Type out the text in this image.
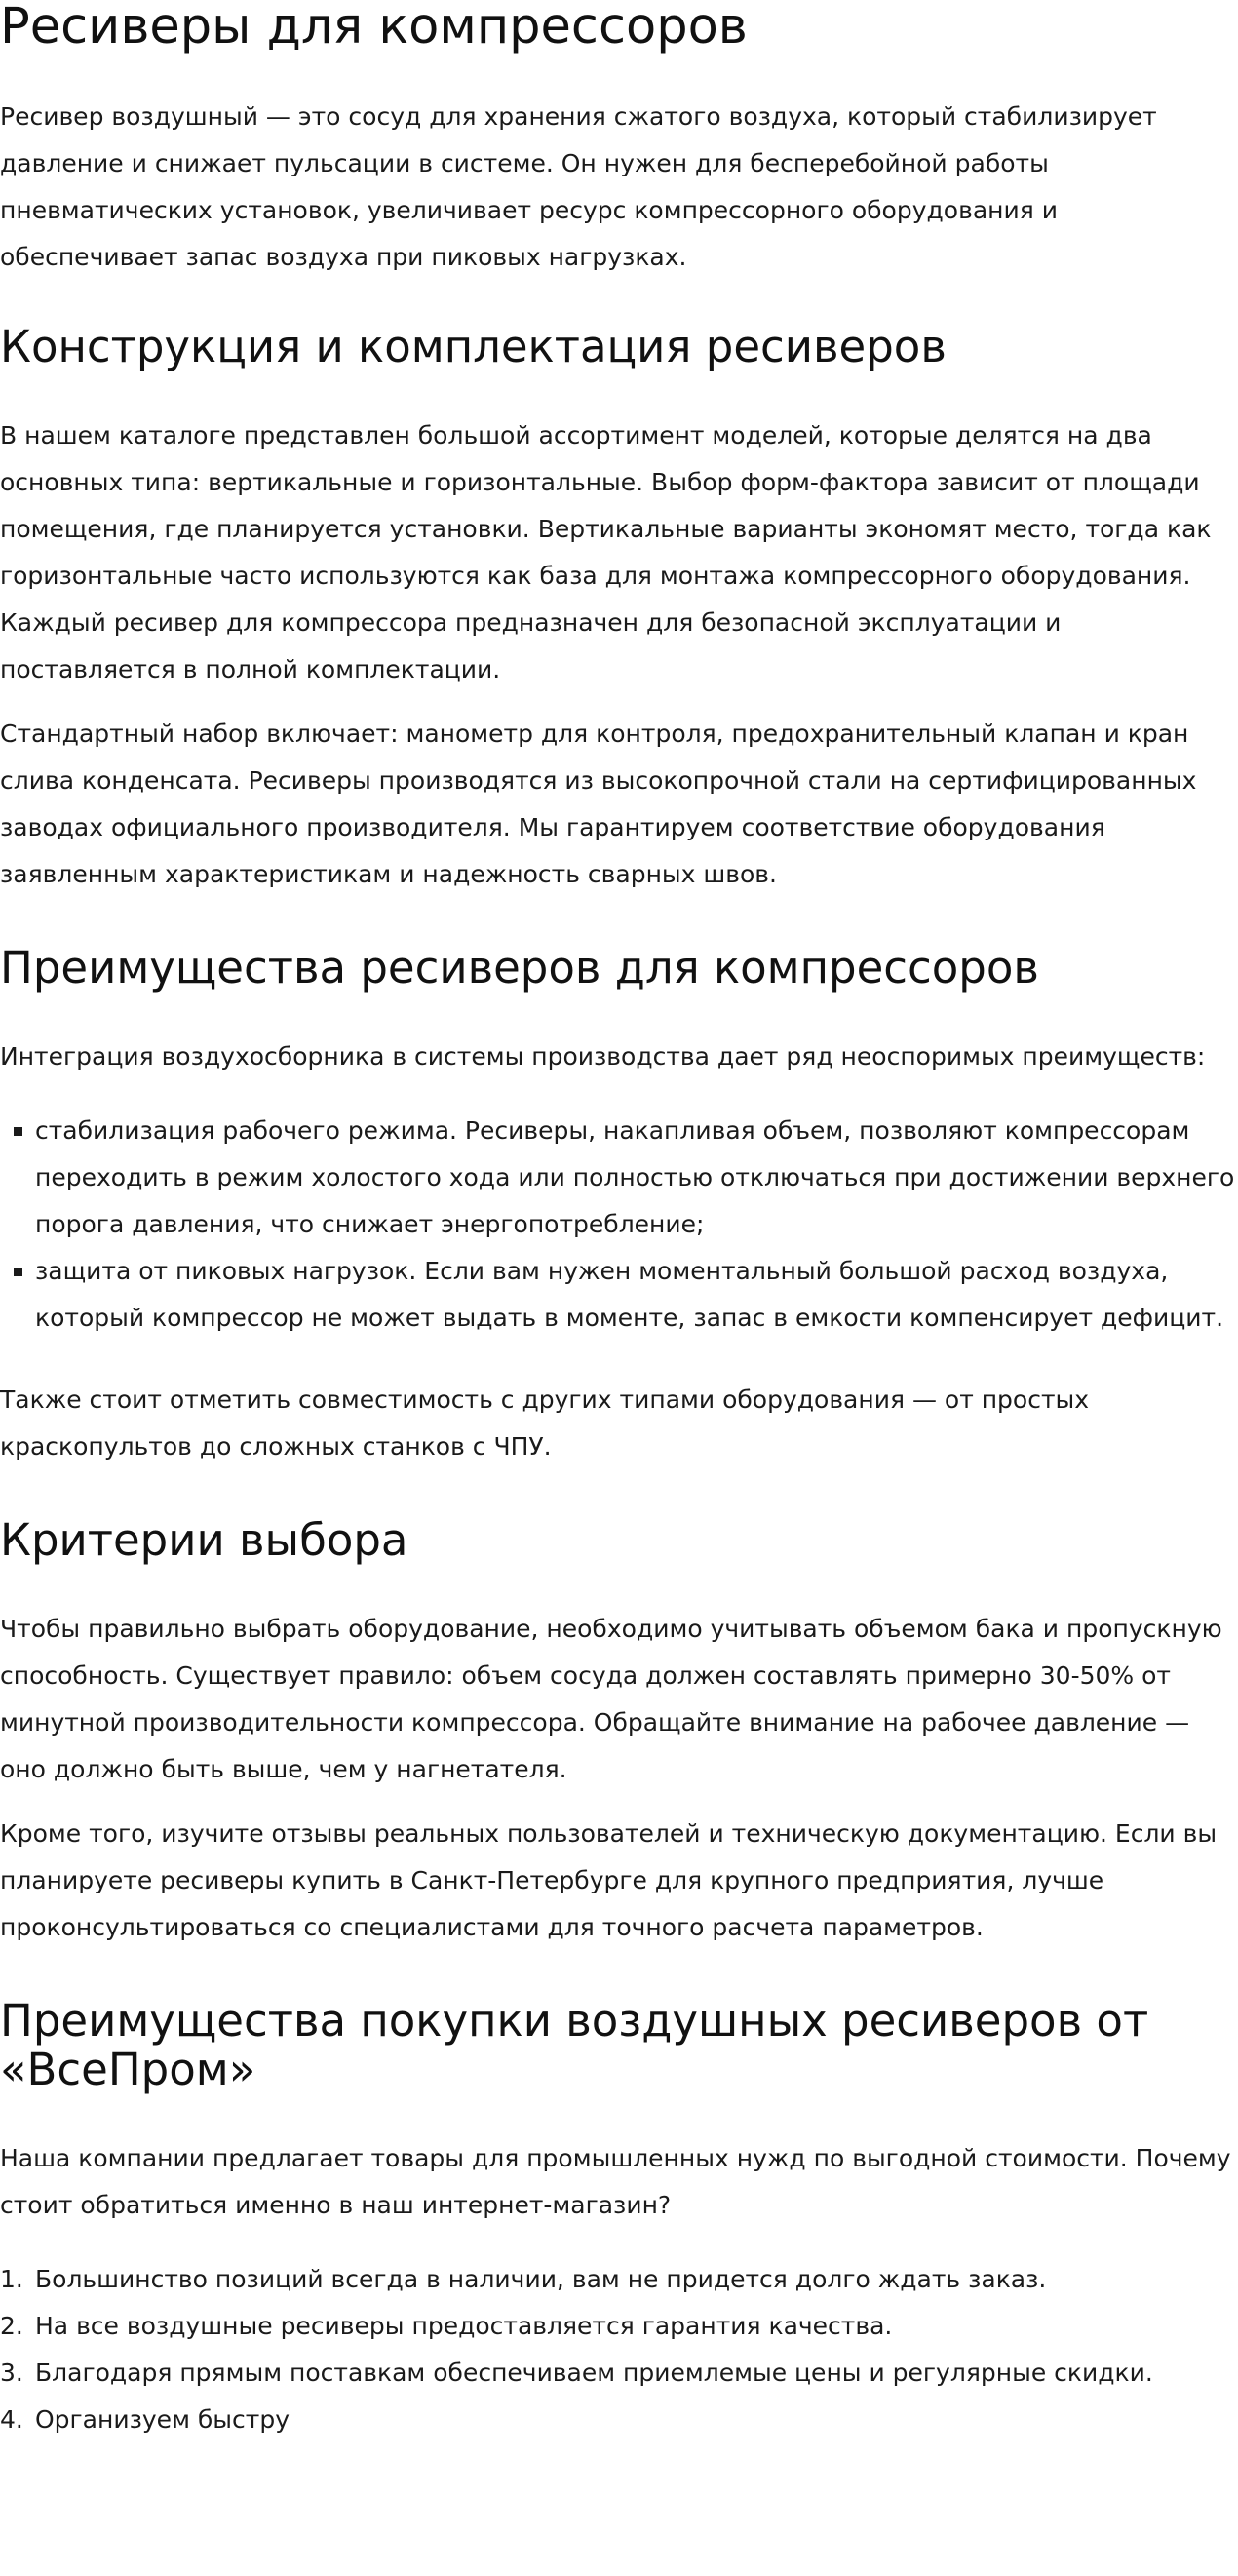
Ресиверы для компрессоров

Ресивер воздушный — это сосуд для хранения сжатого воздуха, который стабилизирует давление и снижает пульсации в системе. Он нужен для бесперебойной работы пневматических установок, увеличивает ресурс компрессорного оборудования и обеспечивает запас воздуха при пиковых нагрузках.

Конструкция и комплектация ресиверов

В нашем каталоге представлен большой ассортимент моделей, которые делятся на два основных типа: вертикальные и горизонтальные. Выбор форм-фактора зависит от площади помещения, где планируется установки. Вертикальные варианты экономят место, тогда как горизонтальные часто используются как база для монтажа компрессорного оборудования. Каждый ресивер для компрессора предназначен для безопасной эксплуатации и поставляется в полной комплектации.

Стандартный набор включает: манометр для контроля, предохранительный клапан и кран слива конденсата. Ресиверы производятся из высокопрочной стали на сертифицированных заводах официального производителя. Мы гарантируем соответствие оборудования заявленным характеристикам и надежность сварных швов.

Преимущества ресиверов для компрессоров

Интеграция воздухосборника в системы производства дает ряд неоспоримых преимуществ:

стабилизация рабочего режима. Ресиверы, накапливая объем, позволяют компрессорам переходить в режим холостого хода или полностью отключаться при достижении верхнего порога давления, что снижает энергопотребление;
защита от пиковых нагрузок. Если вам нужен моментальный большой расход воздуха, который компрессор не может выдать в моменте, запас в емкости компенсирует дефицит.

Также стоит отметить совместимость с других типами оборудования — от простых краскопультов до сложных станков с ЧПУ.

Критерии выбора

Чтобы правильно выбрать оборудование, необходимо учитывать объемом бака и пропускную способность. Существует правило: объем сосуда должен составлять примерно 30-50% от минутной производительности компрессора. Обращайте внимание на рабочее давление — оно должно быть выше, чем у нагнетателя.

Кроме того, изучите отзывы реальных пользователей и техническую документацию. Если вы планируете ресиверы купить в Санкт-Петербурге для крупного предприятия, лучше проконсультироваться со специалистами для точного расчета параметров.

Преимущества покупки воздушных ресиверов от «ВсеПром»

Наша компании предлагает товары для промышленных нужд по выгодной стоимости. Почему стоит обратиться именно в наш интернет-магазин?

1. Большинство позиций всегда в наличии, вам не придется долго ждать заказ.
2. На все воздушные ресиверы предоставляется гарантия качества.
3. Благодаря прямым поставкам обеспечиваем приемлемые цены и регулярные скидки.
4. Организуем быстру
